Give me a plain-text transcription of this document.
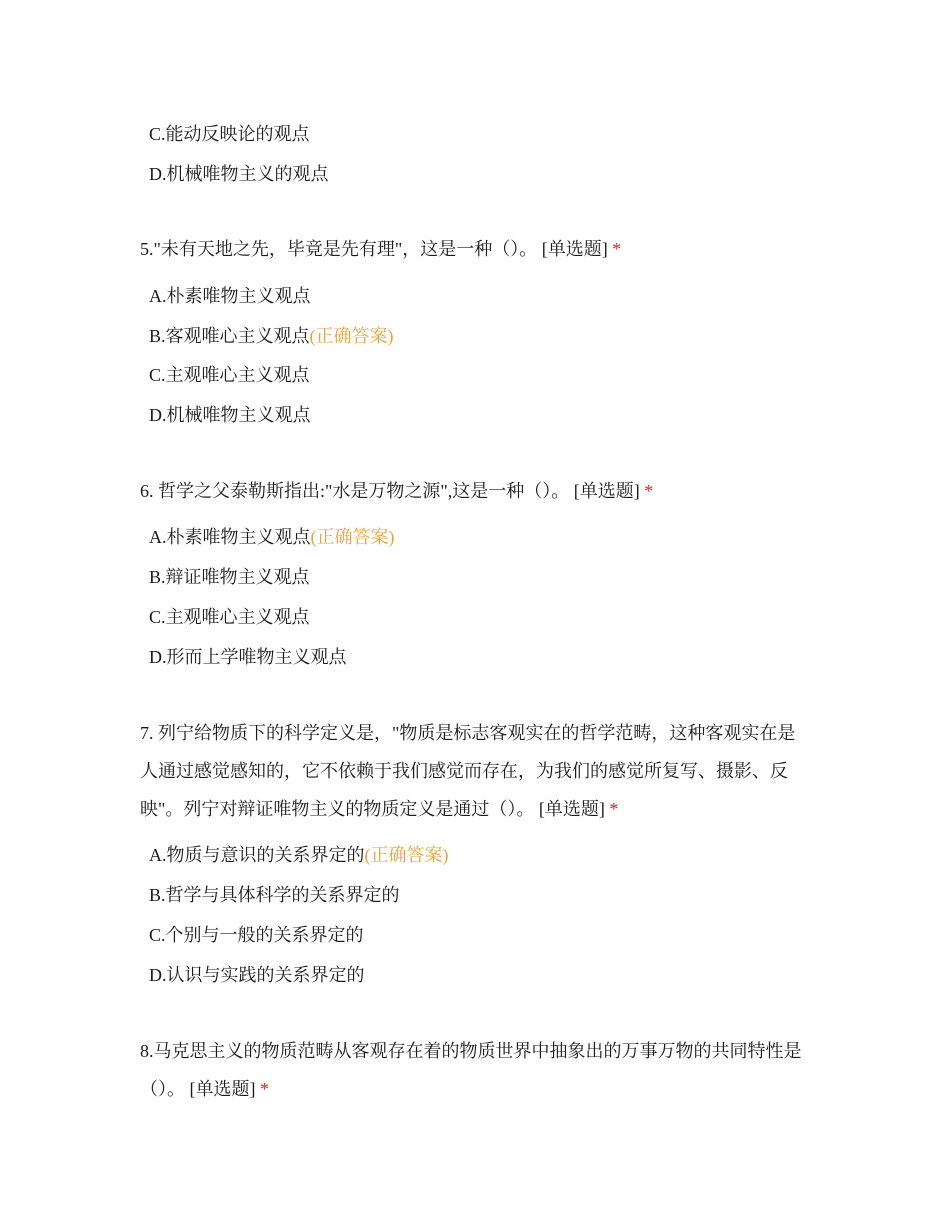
C.能动反映论的观点
D.机械唯物主义的观点
5."未有天地之先，毕竟是先有理"，这是一种（）。 [单选题] *
A.朴素唯物主义观点
B.客观唯心主义观点(正确答案)
C.主观唯心主义观点
D.机械唯物主义观点
6. 哲学之父泰勒斯指出:"水是万物之源",这是一种（）。 [单选题] *
A.朴素唯物主义观点(正确答案)
B.辩证唯物主义观点
C.主观唯心主义观点
D.形而上学唯物主义观点
7. 列宁给物质下的科学定义是，"物质是标志客观实在的哲学范畴，这种客观实在是人通过感觉感知的，它不依赖于我们感觉而存在，为我们的感觉所复写、摄影、反映"。列宁对辩证唯物主义的物质定义是通过（）。 [单选题] *
A.物质与意识的关系界定的(正确答案)
B.哲学与具体科学的关系界定的
C.个别与一般的关系界定的
D.认识与实践的关系界定的
8.马克思主义的物质范畴从客观存在着的物质世界中抽象出的万事万物的共同特性是（）。 [单选题] *
